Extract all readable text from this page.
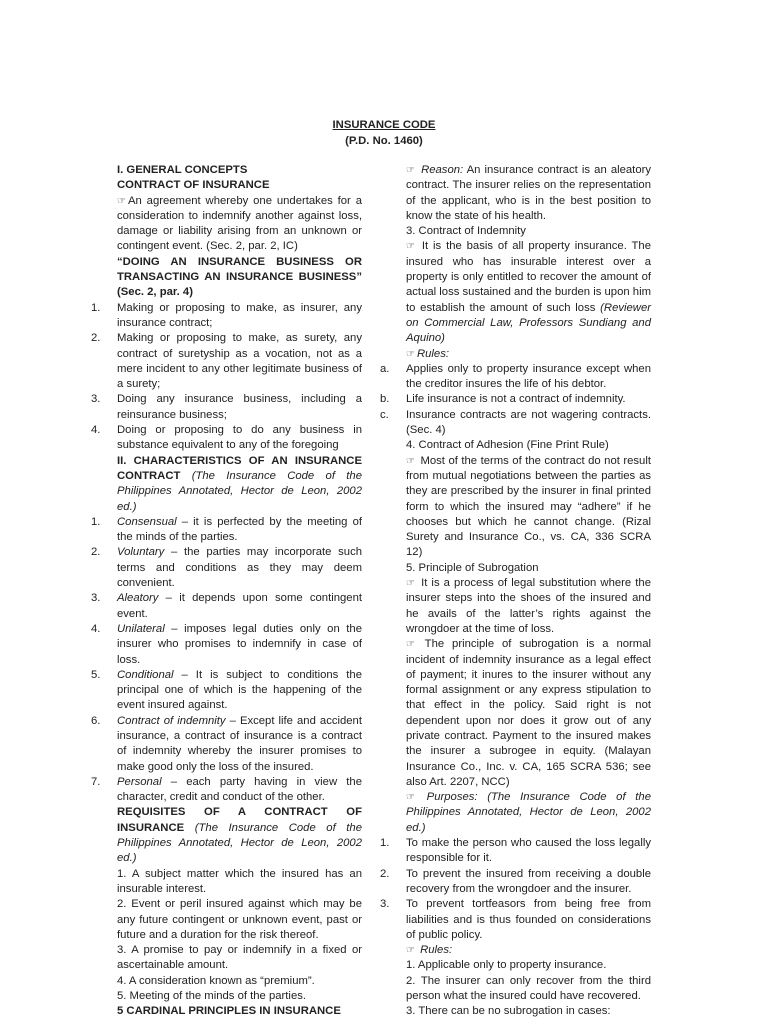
INSURANCE CODE
(P.D. No. 1460)

I. GENERAL CONCEPTS

CONTRACT OF INSURANCE

☞ An agreement whereby one undertakes for a consideration to indemnify another against loss, damage or liability arising from an unknown or contingent event. (Sec. 2, par. 2, IC)

“DOING AN INSURANCE BUSINESS OR TRANSACTING AN INSURANCE BUSINESS” (Sec. 2, par. 4)

1.	Making or proposing to make, as insurer, any insurance contract;

2.	Making or proposing to make, as surety, any contract of suretyship as a vocation, not as a mere incident to any other legitimate business of a surety;

3.	Doing any insurance business, including a reinsurance business;

4.	Doing or proposing to do any business in substance equivalent to any of the foregoing

II. CHARACTERISTICS OF AN INSURANCE CONTRACT (The Insurance Code of the Philippines Annotated, Hector de Leon, 2002 ed.)

1.	Consensual – it is perfected by the meeting of the minds of the parties.

2.	Voluntary – the parties may incorporate such terms and conditions as they may deem convenient.

3.	Aleatory – it depends upon some contingent event.

4.	Unilateral – imposes legal duties only on the insurer who promises to indemnify in case of loss.

5.	Conditional – It is subject to conditions the principal one of which is the happening of the event insured against.

6.	Contract of indemnity – Except life and accident insurance, a contract of insurance is a contract of indemnity whereby the insurer promises to make good only the loss of the insured.

7.	Personal – each party having in view the character, credit and conduct of the other.

REQUISITES OF A CONTRACT OF INSURANCE (The Insurance Code of the Philippines Annotated, Hector de Leon, 2002 ed.)

1. A subject matter which the insured has an insurable interest.

2. Event or peril insured against which may be any future contingent or unknown event, past or future and a duration for the risk thereof.

3. A promise to pay or indemnify in a fixed or ascertainable amount.

4. A consideration known as “premium”.

5. Meeting of the minds of the parties.

5 CARDINAL PRINCIPLES IN INSURANCE

☞ Reason: An insurance contract is an aleatory contract. The insurer relies on the representation of the applicant, who is in the best position to know the state of his health.

3. Contract of Indemnity

☞ It is the basis of all property insurance. The insured who has insurable interest over a property is only entitled to recover the amount of actual loss sustained and the burden is upon him to establish the amount of such loss (Reviewer on Commercial Law, Professors Sundiang and Aquino)

☞ Rules:

a.	Applies only to property insurance except when the creditor insures the life of his debtor.

b.	Life insurance is not a contract of indemnity.

c.	Insurance contracts are not wagering contracts. (Sec. 4)

4. Contract of Adhesion (Fine Print Rule)

☞ Most of the terms of the contract do not result from mutual negotiations between the parties as they are prescribed by the insurer in final printed form to which the insured may “adhere” if he chooses but which he cannot change. (Rizal Surety and Insurance Co., vs. CA, 336 SCRA 12)

5. Principle of Subrogation

☞ It is a process of legal substitution where the insurer steps into the shoes of the insured and he avails of the latter’s rights against the wrongdoer at the time of loss.

☞ The principle of subrogation is a normal incident of indemnity insurance as a legal effect of payment; it inures to the insurer without any formal assignment or any express stipulation to that effect in the policy. Said right is not dependent upon nor does it grow out of any private contract. Payment to the insured makes the insurer a subrogee in equity. (Malayan Insurance Co., Inc. v. CA, 165 SCRA 536; see also Art. 2207, NCC)

☞ Purposes: (The Insurance Code of the Philippines Annotated, Hector de Leon, 2002 ed.)

1.	To make the person who caused the loss legally responsible for it.

2.	To prevent the insured from receiving a double recovery from the wrongdoer and the insurer.

3.	To prevent tortfeasors from being free from liabilities and is thus founded on considerations of public policy.

☞ Rules:

1. Applicable only to property insurance.

2. The insurer can only recover from the third person what the insured could have recovered.

3. There can be no subrogation in cases:
